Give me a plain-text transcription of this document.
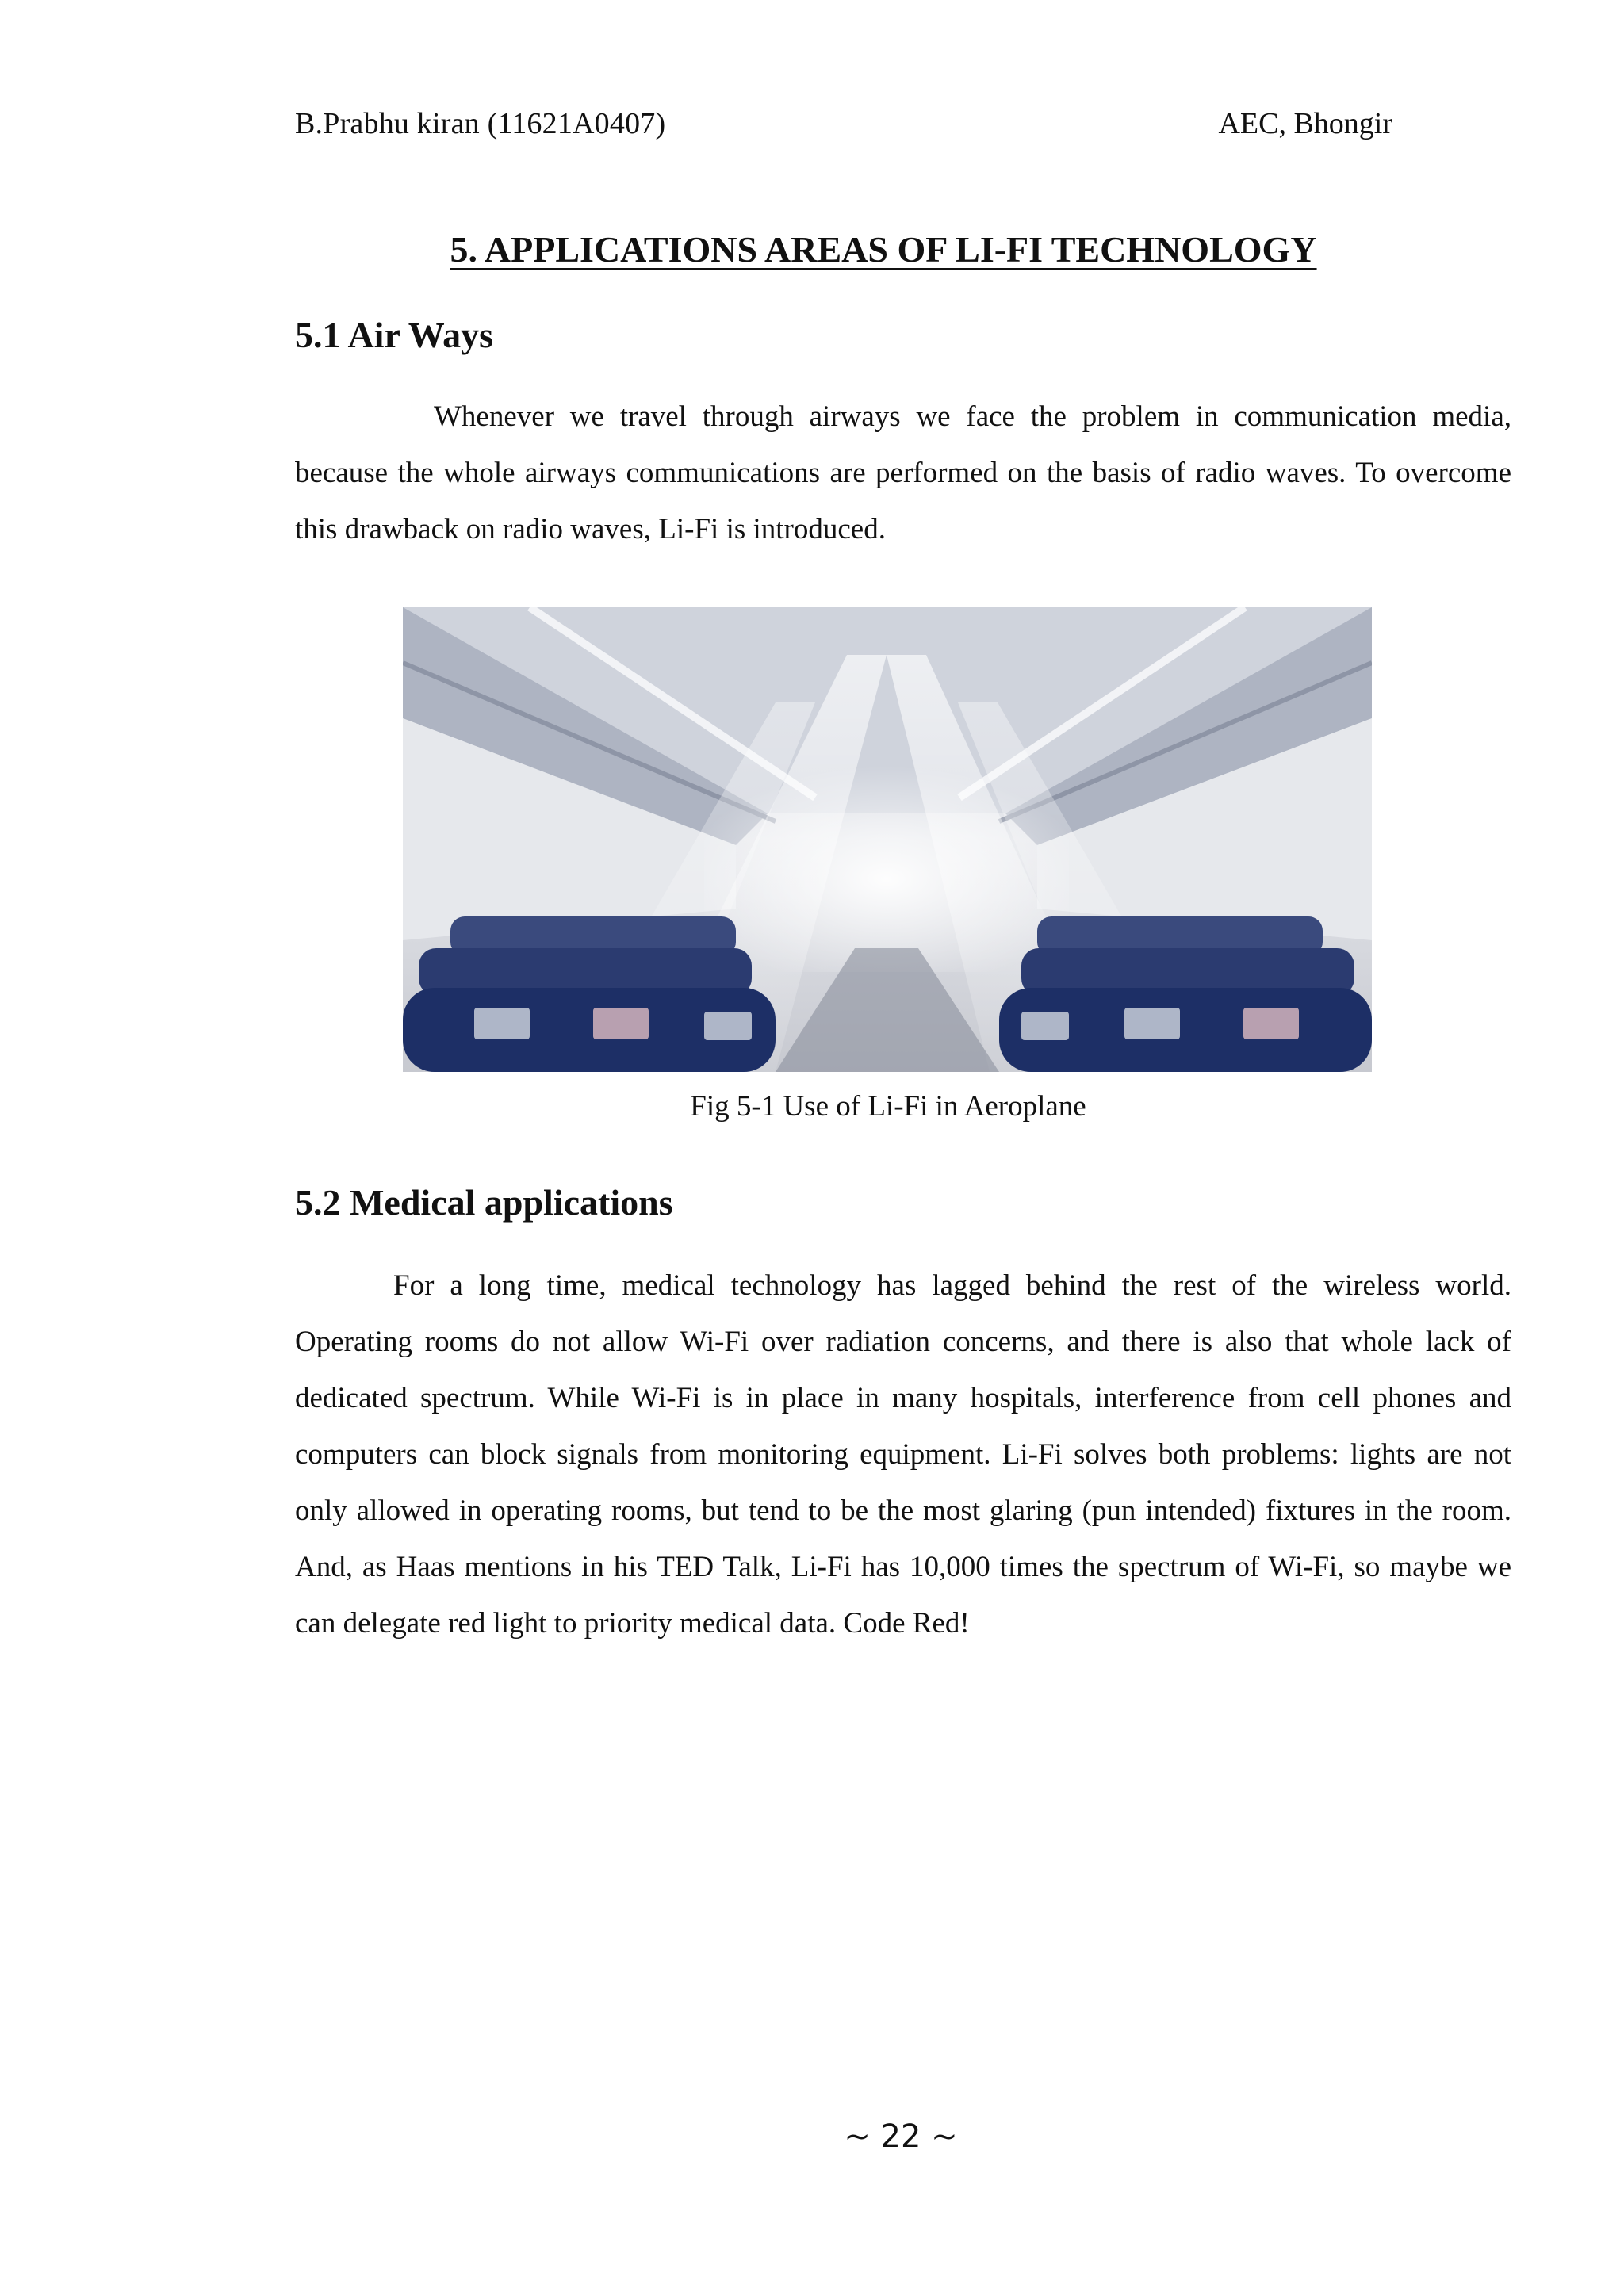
B.Prabhu kiran (11621A0407)	AEC, Bhongir
5. APPLICATIONS AREAS OF LI-FI TECHNOLOGY
5.1 Air Ways
Whenever we travel through airways we face the problem in communication media, because the whole airways communications are performed on the basis of radio waves. To overcome this drawback on radio waves, Li-Fi is introduced.
Fig 5-1 Use of Li-Fi in Aeroplane
5.2 Medical applications
For a long time, medical technology has lagged behind the rest of the wireless world. Operating rooms do not allow Wi-Fi over radiation concerns, and there is also that whole lack of dedicated spectrum. While Wi-Fi is in place in many hospitals, interference from cell phones and computers can block signals from monitoring equipment. Li-Fi solves both problems: lights are not only allowed in operating rooms, but tend to be the most glaring (pun intended) fixtures in the room. And, as Haas mentions in his TED Talk, Li-Fi has 10,000 times the spectrum of Wi-Fi, so maybe we can delegate red light to priority medical data. Code Red!
~ 22 ~
